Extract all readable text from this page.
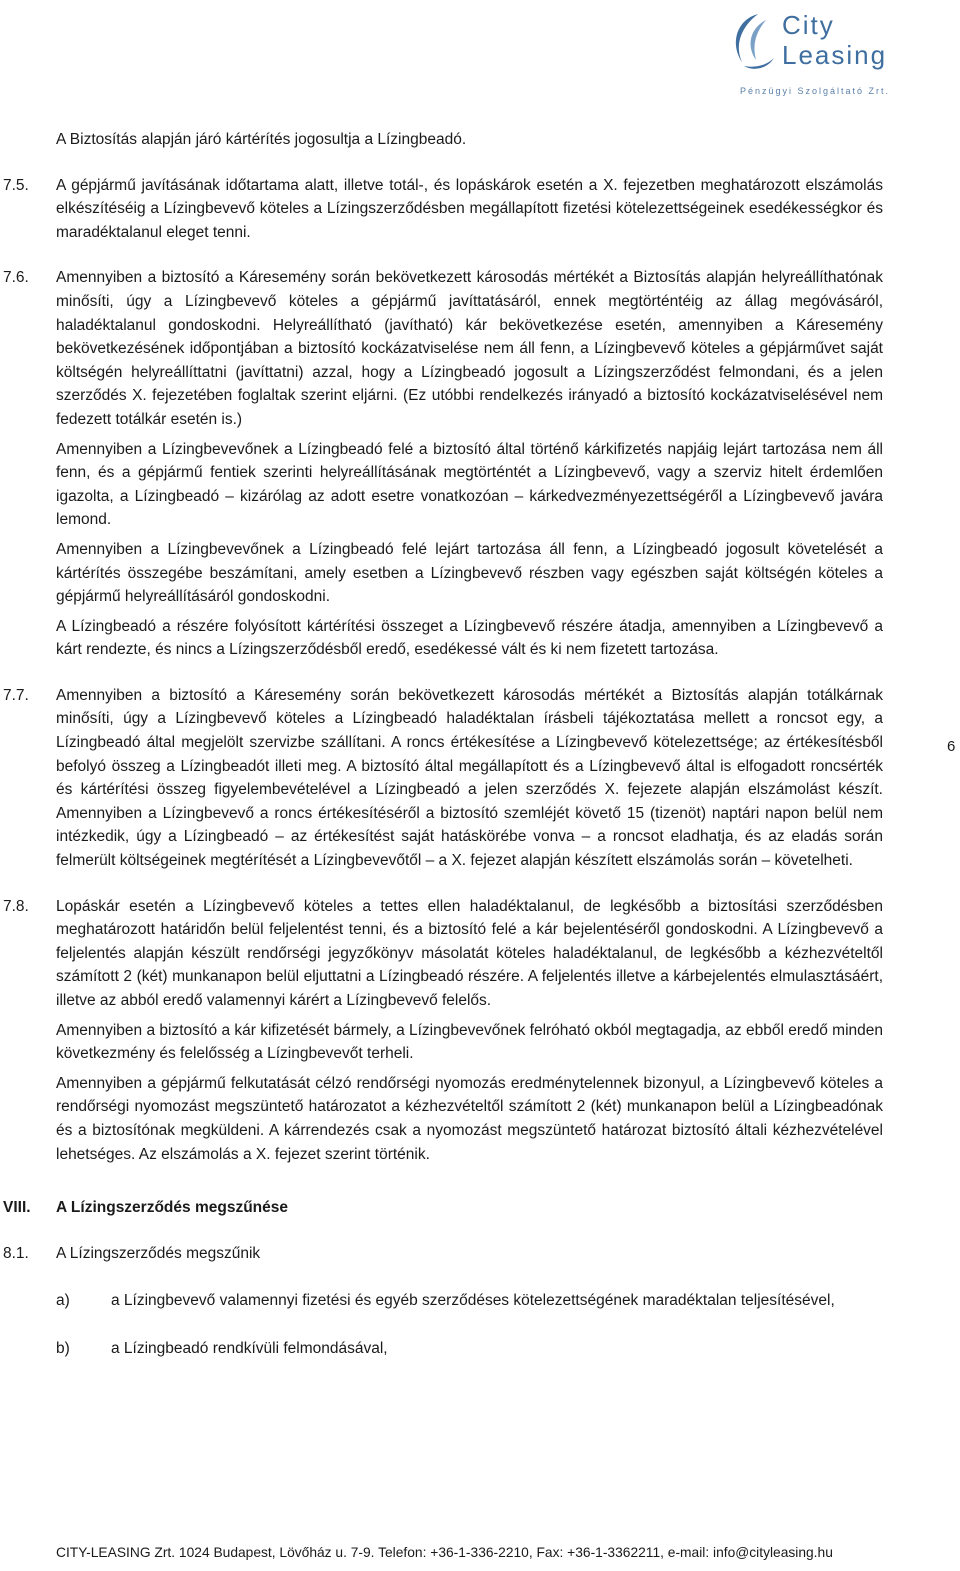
City
Leasing
Pénzügyi Szolgáltató Zrt.

A Biztosítás alapján járó kártérítés jogosultja a Lízingbeadó.

7.5.	A gépjármű javításának időtartama alatt, illetve totál-, és lopáskárok esetén a X. fejezetben meghatározott elszámolás elkészítéséig a Lízingbevevő köteles a Lízingszerződésben megállapított fizetési kötelezettségeinek esedékességkor és maradéktalanul eleget tenni.

7.6.	Amennyiben a biztosító a Káresemény során bekövetkezett károsodás mértékét a Biztosítás alapján helyreállíthatónak minősíti, úgy a Lízingbevevő köteles a gépjármű javíttatásáról, ennek megtörténtéig az állag megóvásáról, haladéktalanul gondoskodni. Helyreállítható (javítható) kár bekövetkezése esetén, amennyiben a Káresemény bekövetkezésének időpontjában a biztosító kockázatviselése nem áll fenn, a Lízingbevevő köteles a gépjárművet saját költségén helyreállíttatni (javíttatni) azzal, hogy a Lízingbeadó jogosult a Lízingszerződést felmondani, és a jelen szerződés X. fejezetében foglaltak szerint eljárni. (Ez utóbbi rendelkezés irányadó a biztosító kockázatviselésével nem fedezett totálkár esetén is.)

Amennyiben a Lízingbevevőnek a Lízingbeadó felé a biztosító által történő kárkifizetés napjáig lejárt tartozása nem áll fenn, és a gépjármű fentiek szerinti helyreállításának megtörténtét a Lízingbevevő, vagy a szerviz hitelt érdemlően igazolta, a Lízingbeadó – kizárólag az adott esetre vonatkozóan – kárkedvezményezettségéről a Lízingbevevő javára lemond.

Amennyiben a Lízingbevevőnek a Lízingbeadó felé lejárt tartozása áll fenn, a Lízingbeadó jogosult követelését a kártérítés összegébe beszámítani, amely esetben a Lízingbevevő részben vagy egészben saját költségén köteles a gépjármű helyreállításáról gondoskodni.

A Lízingbeadó a részére folyósított kártérítési összeget a Lízingbevevő részére átadja, amennyiben a Lízingbevevő a kárt rendezte, és nincs a Lízingszerződésből eredő, esedékessé vált és ki nem fizetett tartozása.

7.7.	Amennyiben a biztosító a Káresemény során bekövetkezett károsodás mértékét a Biztosítás alapján totálkárnak minősíti, úgy a Lízingbevevő köteles a Lízingbeadó haladéktalan írásbeli tájékoztatása mellett a roncsot egy, a Lízingbeadó által megjelölt szervizbe szállítani. A roncs értékesítése a Lízingbevevő kötelezettsége; az értékesítésből befolyó összeg a Lízingbeadót illeti meg. A biztosító által megállapított és a Lízingbevevő által is elfogadott roncsérték és kártérítési összeg figyelembevételével a Lízingbeadó a jelen szerződés X. fejezete alapján elszámolást készít. Amennyiben a Lízingbevevő a roncs értékesítéséről a biztosító szemléjét követő 15 (tizenöt) naptári napon belül nem intézkedik, úgy a Lízingbeadó – az értékesítést saját hatáskörébe vonva – a roncsot eladhatja, és az eladás során felmerült költségeinek megtérítését a Lízingbevevőtől – a X. fejezet alapján készített elszámolás során – követelheti.

7.8.	Lopáskár esetén a Lízingbevevő köteles a tettes ellen haladéktalanul, de legkésőbb a biztosítási szerződésben meghatározott határidőn belül feljelentést tenni, és a biztosító felé a kár bejelentéséről gondoskodni. A Lízingbevevő a feljelentés alapján készült rendőrségi jegyzőkönyv másolatát köteles haladéktalanul, de legkésőbb a kézhezvételtől számított 2 (két) munkanapon belül eljuttatni a Lízingbeadó részére. A feljelentés illetve a kárbejelentés elmulasztásáért, illetve az abból eredő valamennyi kárért a Lízingbevevő felelős.

Amennyiben a biztosító a kár kifizetését bármely, a Lízingbevevőnek felróható okból megtagadja, az ebből eredő minden következmény és felelősség a Lízingbevevőt terheli.

Amennyiben a gépjármű felkutatását célzó rendőrségi nyomozás eredménytelennek bizonyul, a Lízingbevevő köteles a rendőrségi nyomozást megszüntető határozatot a kézhezvételtől számított 2 (két) munkanapon belül a Lízingbeadónak és a biztosítónak megküldeni. A kárrendezés csak a nyomozást megszüntető határozat biztosító általi kézhezvételével lehetséges. Az elszámolás a X. fejezet szerint történik.

VIII.	A Lízingszerződés megszűnése

8.1.	A Lízingszerződés megszűnik

a)	a Lízingbevevő valamennyi fizetési és egyéb szerződéses kötelezettségének maradéktalan teljesítésével,

b)	a Lízingbeadó rendkívüli felmondásával,

6
CITY-LEASING Zrt. 1024 Budapest, Lövőház u. 7-9. Telefon: +36-1-336-2210, Fax: +36-1-3362211, e-mail: info@cityleasing.hu
